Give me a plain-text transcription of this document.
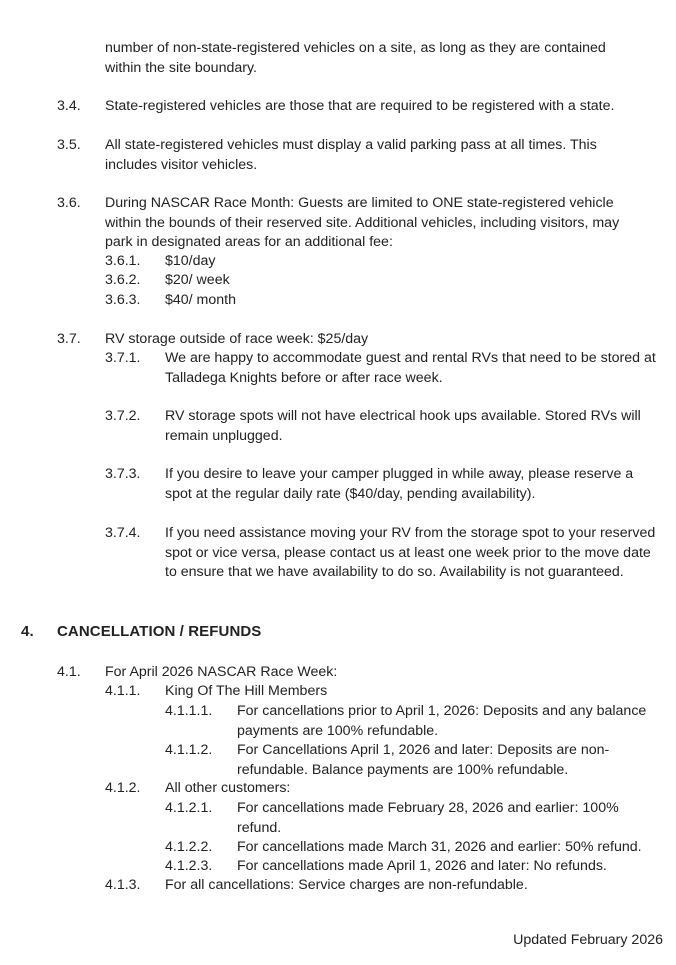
number of non-state-registered vehicles on a site, as long as they are contained within the site boundary.
3.4. State-registered vehicles are those that are required to be registered with a state.
3.5. All state-registered vehicles must display a valid parking pass at all times. This includes visitor vehicles.
3.6. During NASCAR Race Month: Guests are limited to ONE state-registered vehicle within the bounds of their reserved site. Additional vehicles, including visitors, may park in designated areas for an additional fee:
3.6.1. $10/day
3.6.2. $20/ week
3.6.3. $40/ month
3.7. RV storage outside of race week: $25/day
3.7.1. We are happy to accommodate guest and rental RVs that need to be stored at Talladega Knights before or after race week.
3.7.2. RV storage spots will not have electrical hook ups available. Stored RVs will remain unplugged.
3.7.3. If you desire to leave your camper plugged in while away, please reserve a spot at the regular daily rate ($40/day, pending availability).
3.7.4. If you need assistance moving your RV from the storage spot to your reserved spot or vice versa, please contact us at least one week prior to the move date to ensure that we have availability to do so. Availability is not guaranteed.
4. CANCELLATION / REFUNDS
4.1. For April 2026 NASCAR Race Week:
4.1.1. King Of The Hill Members
4.1.1.1. For cancellations prior to April 1, 2026: Deposits and any balance payments are 100% refundable.
4.1.1.2. For Cancellations April 1, 2026 and later: Deposits are non-refundable. Balance payments are 100% refundable.
4.1.2. All other customers:
4.1.2.1. For cancellations made February 28, 2026 and earlier: 100% refund.
4.1.2.2. For cancellations made March 31, 2026 and earlier: 50% refund.
4.1.2.3. For cancellations made April 1, 2026 and later: No refunds.
4.1.3. For all cancellations: Service charges are non-refundable.
Updated February 2026
